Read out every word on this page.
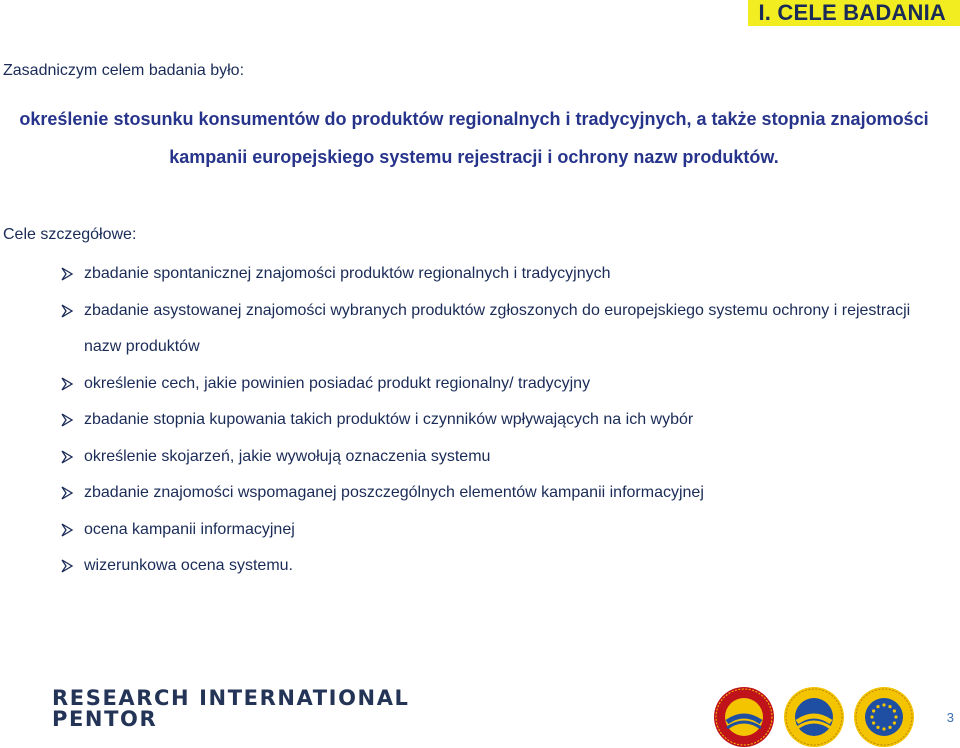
I. CELE BADANIA
Zasadniczym celem badania było:
określenie stosunku konsumentów do produktów regionalnych i tradycyjnych, a także stopnia znajomości kampanii europejskiego systemu rejestracji i ochrony nazw produktów.
Cele szczegółowe:
zbadanie spontanicznej znajomości produktów regionalnych i tradycyjnych
zbadanie asystowanej znajomości wybranych produktów zgłoszonych do europejskiego systemu ochrony i rejestracji nazw produktów
określenie cech, jakie powinien posiadać produkt regionalny/ tradycyjny
zbadanie stopnia kupowania takich produktów i czynników wpływających na ich wybór
określenie skojarzeń, jakie wywołują oznaczenia systemu
zbadanie znajomości wspomaganej poszczególnych elementów kampanii informacyjnej
ocena kampanii informacyjnej
wizerunkowa ocena systemu.
RESEARCH INTERNATIONAL
PENTOR	3
